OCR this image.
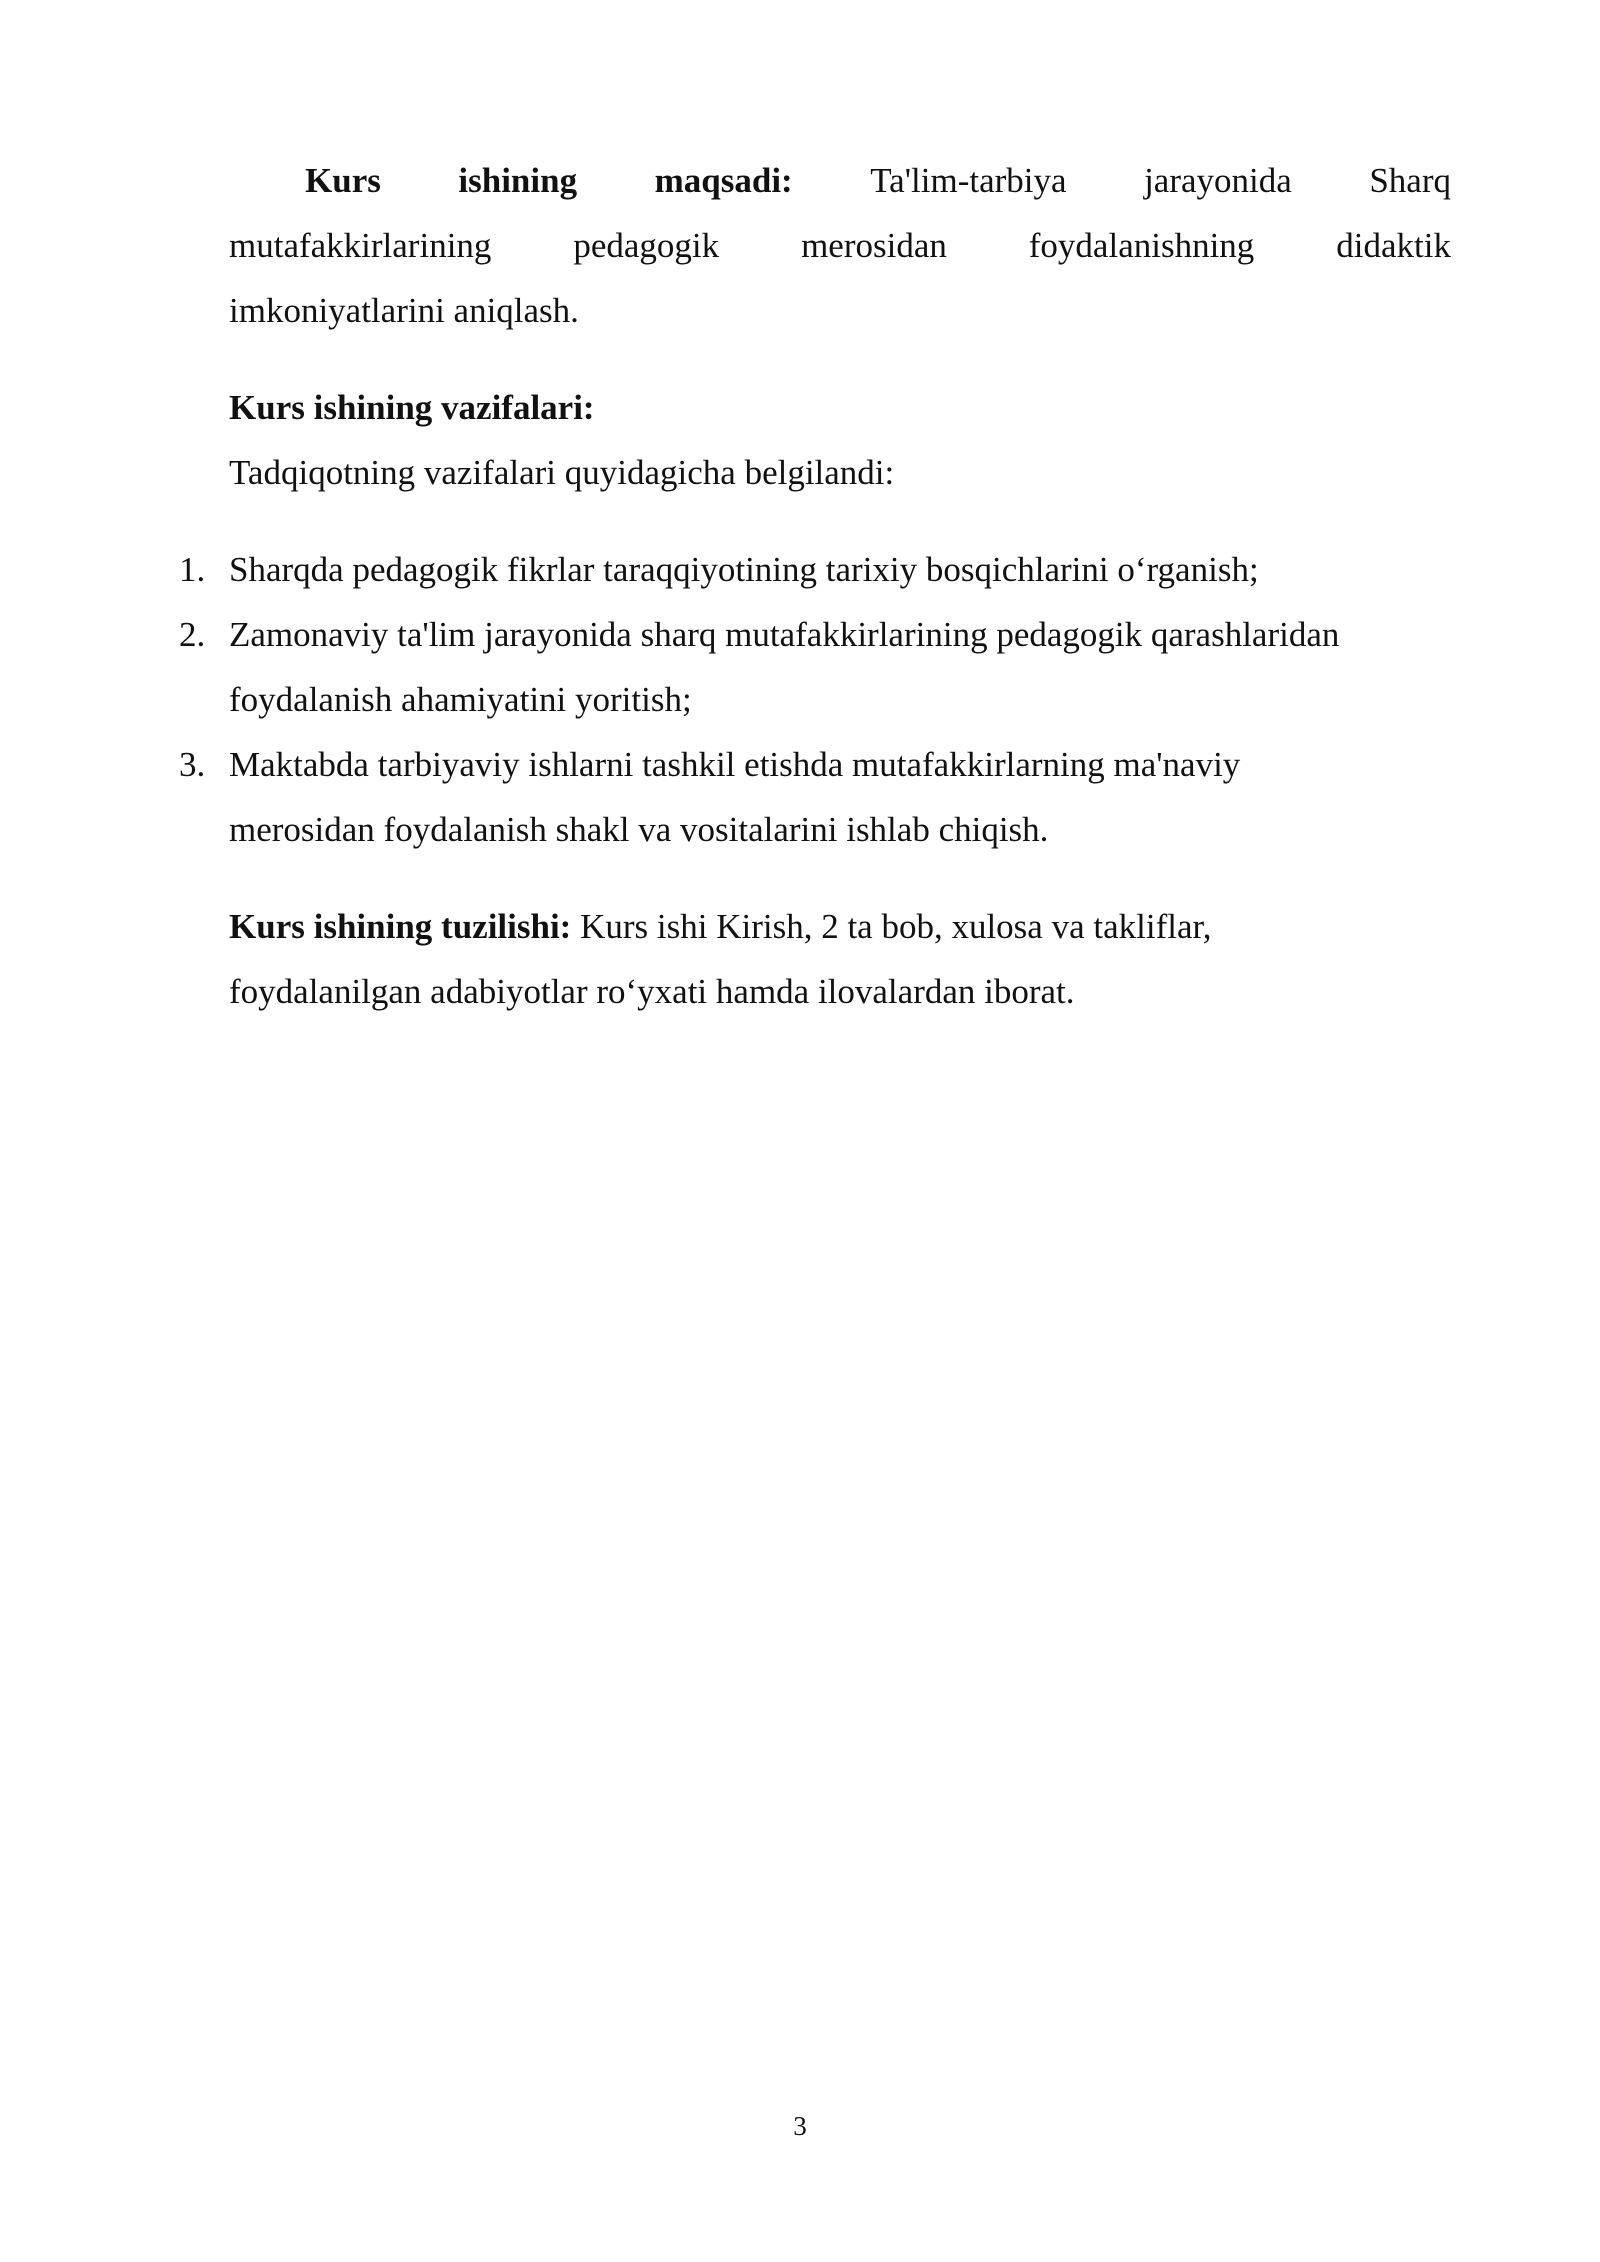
Kurs ishining maqsadi: Ta'lim-tarbiya jarayonida Sharq
mutafakkirlarining pedagogik merosidan foydalanishning didaktik
imkoniyatlarini aniqlash.
Kurs ishining vazifalari:
Tadqiqotning vazifalari quyidagicha belgilandi:
1. Sharqda pedagogik fikrlar taraqqiyotining tarixiy bosqichlarini o‘rganish;
2. Zamonaviy ta'lim jarayonida sharq mutafakkirlarining pedagogik qarashlaridan
foydalanish ahamiyatini yoritish;
3. Maktabda tarbiyaviy ishlarni tashkil etishda mutafakkirlarning ma'naviy
merosidan foydalanish shakl va vositalarini ishlab chiqish.
Kurs ishining tuzilishi: Kurs ishi Kirish, 2 ta bob, xulosa va takliflar,
foydalanilgan adabiyotlar ro‘yxati hamda ilovalardan iborat.
3
